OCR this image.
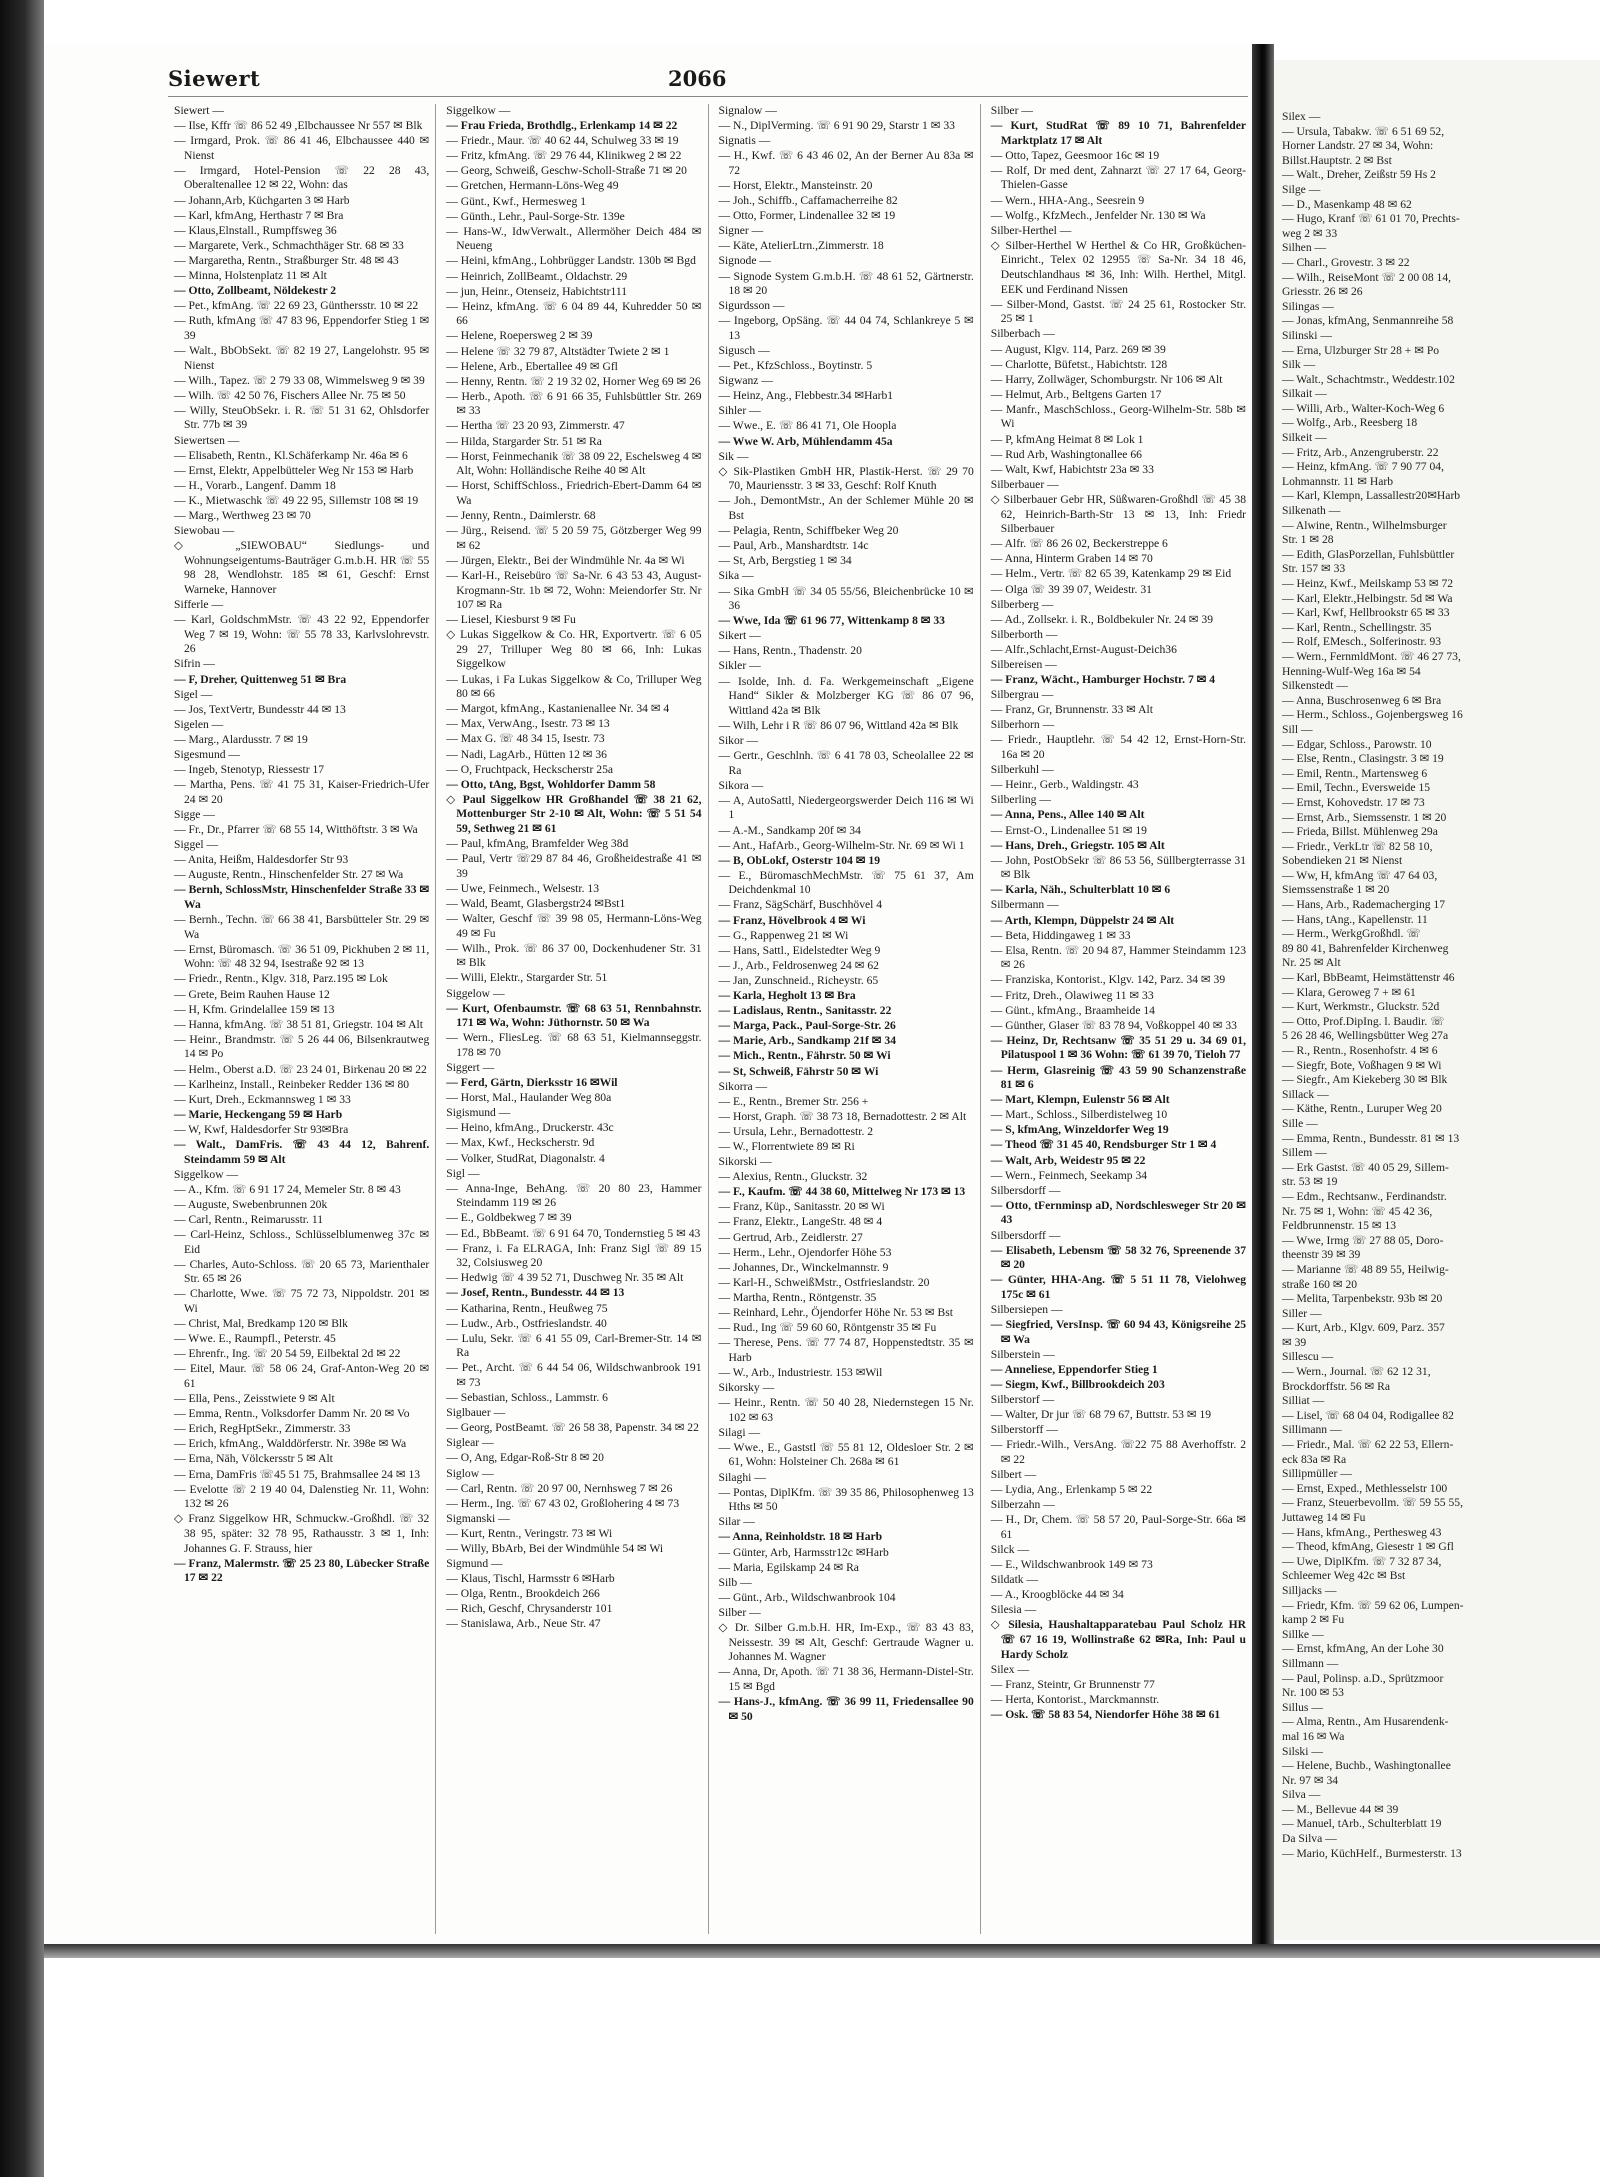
Silex —
— Ursula, Tabakw. ☏ 6 51 69 52,
Horner Landstr. 27 ✉ 34, Wohn:
Billst.Hauptstr. 2 ✉ Bst
— Walt., Dreher, Zeißstr 59 Hs 2
Silge —
— D., Masenkamp 48 ✉ 62
— Hugo, Kranf ☏ 61 01 70, Prechts-
weg 2 ✉ 33
Silhen —
— Charl., Grovestr. 3 ✉ 22
— Wilh., ReiseMont ☏ 2 00 08 14,
Griesstr. 26 ✉ 26
Silingas —
— Jonas, kfmAng, Senmannreihe 58
Silinski —
— Erna, Ulzburger Str 28 + ✉ Po
Silk —
— Walt., Schachtmstr., Weddestr.102
Silkait —
— Willi, Arb., Walter-Koch-Weg 6
— Wolfg., Arb., Reesberg 18
Silkeit —
— Fritz, Arb., Anzengruberstr. 22
— Heinz, kfmAng. ☏ 7 90 77 04,
Lohmannstr. 11 ✉ Harb
— Karl, Klempn, Lassallestr20✉Harb
Silkenath —
— Alwine, Rentn., Wilhelmsburger
Str. 1 ✉ 28
— Edith, GlasPorzellan, Fuhlsbüttler
Str. 157 ✉ 33
— Heinz, Kwf., Meilskamp 53 ✉ 72
— Karl, Elektr.,Helbingstr. 5d ✉ Wa
— Karl, Kwf, Hellbrookstr 65 ✉ 33
— Karl, Rentn., Schellingstr. 35
— Rolf, EMesch., Solferinostr. 93
— Wern., FernmldMont. ☏ 46 27 73,
Henning-Wulf-Weg 16a ✉ 54
Silkenstedt —
— Anna, Buschrosenweg 6 ✉ Bra
— Herm., Schloss., Gojenbergsweg 16
Sill —
— Edgar, Schloss., Parowstr. 10
— Else, Rentn., Clasingstr. 3 ✉ 19
— Emil, Rentn., Martensweg 6
— Emil, Techn., Eversweide 15
— Ernst, Kohovedstr. 17 ✉ 73
— Ernst, Arb., Siemssenstr. 1 ✉ 20
— Frieda, Billst. Mühlenweg 29a
— Friedr., VerkLtr ☏ 82 58 10,
Sobendieken 21 ✉ Nienst
— Ww, H, kfmAng ☏ 47 64 03,
Siemssenstraße 1 ✉ 20
— Hans, Arb., Rademacherging 17
— Hans, tAng., Kapellenstr. 11
— Herm., WerkgGroßhdl. ☏
89 80 41, Bahrenfelder Kirchenweg
Nr. 25 ✉ Alt
— Karl, BbBeamt, Heimstättenstr 46
— Klara, Geroweg 7 + ✉ 61
— Kurt, Werkmstr., Gluckstr. 52d
— Otto, Prof.DipIng. l. Baudir. ☏
5 26 28 46, Wellingsbütter Weg 27a
— R., Rentn., Rosenhofstr. 4 ✉ 6
— Siegfr, Bote, Voßhagen 9 ✉ Wi
— Siegfr., Am Kiekeberg 30 ✉ Blk
Sillack —
— Käthe, Rentn., Luruper Weg 20
Sille —
— Emma, Rentn., Bundesstr. 81 ✉ 13
Sillem —
— Erk Gastst. ☏ 40 05 29, Sillem-
str. 53 ✉ 19
— Edm., Rechtsanw., Ferdinandstr.
Nr. 75 ✉ 1, Wohn: ☏ 45 42 36,
Feldbrunnenstr. 15 ✉ 13
— Wwe, Irmg ☏ 27 88 05, Doro-
theenstr 39 ✉ 39
— Marianne ☏ 48 89 55, Heilwig-
straße 160 ✉ 20
— Melita, Tarpenbekstr. 93b ✉ 20
Siller —
— Kurt, Arb., Klgv. 609, Parz. 357
✉ 39
Sillescu —
— Wern., Journal. ☏ 62 12 31,
Brockdorffstr. 56 ✉ Ra
Silliat —
— Lisel, ☏ 68 04 04, Rodigallee 82
Sillimann —
— Friedr., Mal. ☏ 62 22 53, Ellern-
eck 83a ✉ Ra
Sillipmüller —
— Ernst, Exped., Methlesselstr 100
— Franz, Steuerbevollm. ☏ 59 55 55,
Juttaweg 14 ✉ Fu
— Hans, kfmAng., Perthesweg 43
— Theod, kfmAng, Giesestr 1 ✉ Gfl
— Uwe, DiplKfm. ☏ 7 32 87 34,
Schleemer Weg 42c ✉ Bst
Silljacks —
— Friedr, Kfm. ☏ 59 62 06, Lumpen-
kamp 2 ✉ Fu
Sillke —
— Ernst, kfmAng, An der Lohe 30
Sillmann —
— Paul, Polinsp. a.D., Sprützmoor
Nr. 100 ✉ 53
Sillus —
— Alma, Rentn., Am Husarendenk-
mal 16 ✉ Wa
Silski —
— Helene, Buchb., Washingtonallee
Nr. 97 ✉ 34
Silva —
— M., Bellevue 44 ✉ 39
— Manuel, tArb., Schulterblatt 19
Da Silva —
— Mario, KüchHelf., Burmesterstr. 13
Siewert	2066
Siewert —
— Ilse, Kffr ☏ 86 52 49 ,Elbchaussee Nr 557 ✉ Blk
— Irmgard, Prok. ☏ 86 41 46, Elbchaussee 440 ✉ Nienst
— Irmgard, Hotel-Pension ☏ 22 28 43, Oberaltenallee 12 ✉ 22, Wohn: das
— Johann,Arb, Küchgarten 3 ✉ Harb
— Karl, kfmAng, Herthastr 7 ✉ Bra
— Klaus,Elnstall., Rumpffsweg 36
— Margarete, Verk., Schmachthäger Str. 68 ✉ 33
— Margaretha, Rentn., Straßburger Str. 48 ✉ 43
— Minna, Holstenplatz 11 ✉ Alt
— Otto, Zollbeamt, Nöldekestr 2
— Pet., kfmAng. ☏ 22 69 23, Günthersstr. 10 ✉ 22
— Ruth, kfmAng ☏ 47 83 96, Eppendorfer Stieg 1 ✉ 39
— Walt., BbObSekt. ☏ 82 19 27, Langelohstr. 95 ✉ Nienst
— Wilh., Tapez. ☏ 2 79 33 08, Wimmelsweg 9 ✉ 39
— Wilh. ☏ 42 50 76, Fischers Allee Nr. 75 ✉ 50
— Willy, SteuObSekr. i. R. ☏ 51 31 62, Ohlsdorfer Str. 77b ✉ 39
Siewertsen —
— Elisabeth, Rentn., Kl.Schäferkamp Nr. 46a ✉ 6
— Ernst, Elektr, Appelbütteler Weg Nr 153 ✉ Harb
— H., Vorarb., Langenf. Damm 18
— K., Mietwaschk ☏ 49 22 95, Sillemstr 108 ✉ 19
— Marg., Werthweg 23 ✉ 70
Siewobau —
◇ „SIEWOBAU“ Siedlungs- und Wohnungseigentums-Bauträger G.m.b.H. HR ☏ 55 98 28, Wendlohstr. 185 ✉ 61, Geschf: Ernst Warneke, Hannover
Sifferle —
— Karl, GoldschmMstr. ☏ 43 22 92, Eppendorfer Weg 7 ✉ 19, Wohn: ☏ 55 78 33, Karlvslohrevstr. 26
Sifrin —
— F, Dreher, Quittenweg 51 ✉ Bra
Sigel —
— Jos, TextVertr, Bundesstr 44 ✉ 13
Sigelen —
— Marg., Alardusstr. 7 ✉ 19
Sigesmund —
— Ingeb, Stenotyp, Riessestr 17
— Martha, Pens. ☏ 41 75 31, Kaiser-Friedrich-Ufer 24 ✉ 20
Sigge —
— Fr., Dr., Pfarrer ☏ 68 55 14, Witthöftstr. 3 ✉ Wa
Siggel —
— Anita, Heißm, Haldesdorfer Str 93
— Auguste, Rentn., Hinschenfelder Str. 27 ✉ Wa
— Bernh, SchlossMstr, Hinschenfelder Straße 33 ✉ Wa
— Bernh., Techn. ☏ 66 38 41, Barsbütteler Str. 29 ✉ Wa
— Ernst, Büromasch. ☏ 36 51 09, Pickhuben 2 ✉ 11, Wohn: ☏ 48 32 94, Isestraße 92 ✉ 13
— Friedr., Rentn., Klgv. 318, Parz.195 ✉ Lok
— Grete, Beim Rauhen Hause 12
— H, Kfm. Grindelallee 159 ✉ 13
— Hanna, kfmAng. ☏ 38 51 81, Griegstr. 104 ✉ Alt
— Heinr., Brandmstr. ☏ 5 26 44 06, Bilsenkrautweg 14 ✉ Po
— Helm., Oberst a.D. ☏ 23 24 01, Birkenau 20 ✉ 22
— Karlheinz, Install., Reinbeker Redder 136 ✉ 80
— Kurt, Dreh., Eckmannsweg 1 ✉ 33
— Marie, Heckengang 59 ✉ Harb
— W, Kwf, Haldesdorfer Str 93✉Bra
— Walt., DamFris. ☏ 43 44 12, Bahrenf. Steindamm 59 ✉ Alt
Siggelkow —
— A., Kfm. ☏ 6 91 17 24, Memeler Str. 8 ✉ 43
— Auguste, Swebenbrunnen 20k
— Carl, Rentn., Reimarusstr. 11
— Carl-Heinz, Schloss., Schlüsselblumenweg 37c ✉ Eid
— Charles, Auto-Schloss. ☏ 20 65 73, Marienthaler Str. 65 ✉ 26
— Charlotte, Wwe. ☏ 75 72 73, Nippoldstr. 201 ✉ Wi
— Christ, Mal, Bredkamp 120 ✉ Blk
— Wwe. E., Raumpfl., Peterstr. 45
— Ehrenfr., Ing. ☏ 20 54 59, Eilbektal 2d ✉ 22
— Eitel, Maur. ☏ 58 06 24, Graf-Anton-Weg 20 ✉ 61
— Ella, Pens., Zeisstwiete 9 ✉ Alt
— Emma, Rentn., Volksdorfer Damm Nr. 20 ✉ Vo
— Erich, RegHptSekr., Zimmerstr. 33
— Erich, kfmAng., Walddörferstr. Nr. 398e ✉ Wa
— Erna, Näh, Völckersstr 5 ✉ Alt
— Erna, DamFris ☏45 51 75, Brahmsallee 24 ✉ 13
— Evelotte ☏ 2 19 40 04, Dalenstieg Nr. 11, Wohn: 132 ✉ 26
◇ Franz Siggelkow HR, Schmuckw.-Großhdl. ☏ 32 38 95, später: 32 78 95, Rathausstr. 3 ✉ 1, Inh: Johannes G. F. Strauss, hier
— Franz, Malermstr. ☏ 25 23 80, Lübecker Straße 17 ✉ 22
Siggelkow —
— Frau Frieda, Brothdlg., Erlenkamp 14 ✉ 22
— Friedr., Maur. ☏ 40 62 44, Schulweg 33 ✉ 19
— Fritz, kfmAng. ☏ 29 76 44, Klinikweg 2 ✉ 22
— Georg, Schweiß, Geschw-Scholl-Straße 71 ✉ 20
— Gretchen, Hermann-Löns-Weg 49
— Günt., Kwf., Hermesweg 1
— Günth., Lehr., Paul-Sorge-Str. 139e
— Hans-W., IdwVerwalt., Allermöher Deich 484 ✉ Neueng
— Heini, kfmAng., Lohbrügger Landstr. 130b ✉ Bgd
— Heinrich, ZollBeamt., Oldachstr. 29
— jun, Heinr., Otenseiz, Habichtstr111
— Heinz, kfmAng. ☏ 6 04 89 44, Kuhredder 50 ✉ 66
— Helene, Roepersweg 2 ✉ 39
— Helene ☏ 32 79 87, Altstädter Twiete 2 ✉ 1
— Helene, Arb., Ebertallee 49 ✉ Gfl
— Henny, Rentn. ☏ 2 19 32 02, Horner Weg 69 ✉ 26
— Herb., Apoth. ☏ 6 91 66 35, Fuhlsbüttler Str. 269 ✉ 33
— Hertha ☏ 23 20 93, Zimmerstr. 47
— Hilda, Stargarder Str. 51 ✉ Ra
— Horst, Feinmechanik ☏ 38 09 22, Eschelsweg 4 ✉ Alt, Wohn: Holländische Reihe 40 ✉ Alt
— Horst, SchiffSchloss., Friedrich-Ebert-Damm 64 ✉ Wa
— Jenny, Rentn., Daimlerstr. 68
— Jürg., Reisend. ☏ 5 20 59 75, Götzberger Weg 99 ✉ 62
— Jürgen, Elektr., Bei der Windmühle Nr. 4a ✉ Wi
— Karl-H., Reisebüro ☏ Sa-Nr. 6 43 53 43, August-Krogmann-Str. 1b ✉ 72, Wohn: Meiendorfer Str. Nr 107 ✉ Ra
— Liesel, Kiesburst 9 ✉ Fu
◇ Lukas Siggelkow & Co. HR, Exportvertr. ☏ 6 05 29 27, Trilluper Weg 80 ✉ 66, Inh: Lukas Siggelkow
— Lukas, i Fa Lukas Siggelkow & Co, Trilluper Weg 80 ✉ 66
— Margot, kfmAng., Kastanienallee Nr. 34 ✉ 4
— Max, VerwAng., Isestr. 73 ✉ 13
— Max G. ☏ 48 34 15, Isestr. 73
— Nadi, LagArb., Hütten 12 ✉ 36
— O, Fruchtpack, Heckscherstr 25a
— Otto, tAng, Bgst, Wohldorfer Damm 58
◇ Paul Siggelkow HR Großhandel ☏ 38 21 62, Mottenburger Str 2-10 ✉ Alt, Wohn: ☏ 5 51 54 59, Sethweg 21 ✉ 61
— Paul, kfmAng, Bramfelder Weg 38d
— Paul, Vertr ☏29 87 84 46, Großheidestraße 41 ✉ 39
— Uwe, Feinmech., Welsestr. 13
— Wald, Beamt, Glasbergstr24 ✉Bst1
— Walter, Geschf ☏ 39 98 05, Hermann-Löns-Weg 49 ✉ Fu
— Wilh., Prok. ☏ 86 37 00, Dockenhudener Str. 31 ✉ Blk
— Willi, Elektr., Stargarder Str. 51
Siggelow —
— Kurt, Ofenbaumstr. ☏ 68 63 51, Rennbahnstr. 171 ✉ Wa, Wohn: Jüthornstr. 50 ✉ Wa
— Wern., FliesLeg. ☏ 68 63 51, Kielmannseggstr. 178 ✉ 70
Siggert —
— Ferd, Gärtn, Dierksstr 16 ✉Wil
— Horst, Mal., Haulander Weg 80a
Sigismund —
— Heino, kfmAng., Druckerstr. 43c
— Max, Kwf., Heckscherstr. 9d
— Volker, StudRat, Diagonalstr. 4
Sigl —
— Anna-Inge, BehAng. ☏ 20 80 23, Hammer Steindamm 119 ✉ 26
— E., Goldbekweg 7 ✉ 39
— Ed., BbBeamt. ☏ 6 91 64 70, Tondernstieg 5 ✉ 43
— Franz, i. Fa ELRAGA, Inh: Franz Sigl ☏ 89 15 32, Colsiusweg 20
— Hedwig ☏ 4 39 52 71, Duschweg Nr. 35 ✉ Alt
— Josef, Rentn., Bundesstr. 44 ✉ 13
— Katharina, Rentn., Heußweg 75
— Ludw., Arb., Ostfrieslandstr. 40
— Lulu, Sekr. ☏ 6 41 55 09, Carl-Bremer-Str. 14 ✉ Ra
— Pet., Archt. ☏ 6 44 54 06, Wildschwanbrook 191 ✉ 73
— Sebastian, Schloss., Lammstr. 6
Siglbauer —
— Georg, PostBeamt. ☏ 26 58 38, Papenstr. 34 ✉ 22
Siglear —
— O, Ang, Edgar-Roß-Str 8 ✉ 20
Siglow —
— Carl, Rentn. ☏ 20 97 00, Nernhsweg 7 ✉ 26
— Herm., Ing. ☏ 67 43 02, Großlohering 4 ✉ 73
Sigmanski —
— Kurt, Rentn., Veringstr. 73 ✉ Wi
— Willy, BbArb, Bei der Windmühle 54 ✉ Wi
Sigmund —
— Klaus, Tischl, Harmsstr 6 ✉Harb
— Olga, Rentn., Brookdeich 266
— Rich, Geschf, Chrysanderstr 101
— Stanislawa, Arb., Neue Str. 47
Signalow —
— N., DiplVerming. ☏ 6 91 90 29, Starstr 1 ✉ 33
Signatis —
— H., Kwf. ☏ 6 43 46 02, An der Berner Au 83a ✉ 72
— Horst, Elektr., Mansteinstr. 20
— Joh., Schiffb., Caffamacherreihe 82
— Otto, Former, Lindenallee 32 ✉ 19
Signer —
— Käte, AtelierLtrn.,Zimmerstr. 18
Signode —
— Signode System G.m.b.H. ☏ 48 61 52, Gärtnerstr. 18 ✉ 20
Sigurdsson —
— Ingeborg, OpSäng. ☏ 44 04 74, Schlankreye 5 ✉ 13
Sigusch —
— Pet., KfzSchloss., Boytinstr. 5
Sigwanz —
— Heinz, Ang., Flebbestr.34 ✉Harb1
Sihler —
— Wwe., E. ☏ 86 41 71, Ole Hoopla
— Wwe W. Arb, Mühlendamm 45a
Sik —
◇ Sik-Plastiken GmbH HR, Plastik-Herst. ☏ 29 70 70, Mauriensstr. 3 ✉ 33, Geschf: Rolf Knuth
— Joh., DemontMstr., An der Schlemer Mühle 20 ✉ Bst
— Pelagia, Rentn, Schiffbeker Weg 20
— Paul, Arb., Manshardtstr. 14c
— St, Arb, Bergstieg 1 ✉ 34
Sika —
— Sika GmbH ☏ 34 05 55/56, Bleichenbrücke 10 ✉ 36
— Wwe, Ida ☏ 61 96 77, Wittenkamp 8 ✉ 33
Sikert —
— Hans, Rentn., Thadenstr. 20
Sikler —
— Isolde, Inh. d. Fa. Werkgemeinschaft „Eigene Hand“ Sikler & Molzberger KG ☏ 86 07 96, Wittland 42a ✉ Blk
— Wilh, Lehr i R ☏ 86 07 96, Wittland 42a ✉ Blk
Sikor —
— Gertr., Geschlnh. ☏ 6 41 78 03, Scheolallee 22 ✉ Ra
Sikora —
— A, AutoSattl, Niedergeorgswerder Deich 116 ✉ Wi 1
— A.-M., Sandkamp 20f ✉ 34
— Ant., HafArb., Georg-Wilhelm-Str. Nr. 69 ✉ Wi 1
— B, ObLokf, Osterstr 104 ✉ 19
— E., BüromaschMechMstr. ☏ 75 61 37, Am Deichdenkmal 10
— Franz, SägSchärf, Buschhövel 4
— Franz, Hövelbrook 4 ✉ Wi
— G., Rappenweg 21 ✉ Wi
— Hans, Sattl., Eidelstedter Weg 9
— J., Arb., Feldrosenweg 24 ✉ 62
— Jan, Zunschneid., Richeystr. 65
— Karla, Hegholt 13 ✉ Bra
— Ladislaus, Rentn., Sanitasstr. 22
— Marga, Pack., Paul-Sorge-Str. 26
— Marie, Arb., Sandkamp 21f ✉ 34
— Mich., Rentn., Fährstr. 50 ✉ Wi
— St, Schweiß, Fährstr 50 ✉ Wi
Sikorra —
— E., Rentn., Bremer Str. 256 +
— Horst, Graph. ☏ 38 73 18, Bernadottestr. 2 ✉ Alt
— Ursula, Lehr., Bernadottestr. 2
— W., Florrentwiete 89 ✉ Ri
Sikorski —
— Alexius, Rentn., Gluckstr. 32
— F., Kaufm. ☏ 44 38 60, Mittelweg Nr 173 ✉ 13
— Franz, Küp., Sanitasstr. 20 ✉ Wi
— Franz, Elektr., LangeStr. 48 ✉ 4
— Gertrud, Arb., Zeidlerstr. 27
— Herm., Lehr., Ojendorfer Höhe 53
— Johannes, Dr., Winckelmannstr. 9
— Karl-H., SchweißMstr., Ostfrieslandstr. 20
— Martha, Rentn., Röntgenstr. 35
— Reinhard, Lehr., Öjendorfer Höhe Nr. 53 ✉ Bst
— Rud., Ing ☏ 59 60 60, Röntgenstr 35 ✉ Fu
— Therese, Pens. ☏ 77 74 87, Hoppenstedtstr. 35 ✉ Harb
— W., Arb., Industriestr. 153 ✉Wil
Sikorsky —
— Heinr., Rentn. ☏ 50 40 28, Niedernstegen 15 Nr. 102 ✉ 63
Silagi —
— Wwe., E., Gaststl ☏ 55 81 12, Oldesloer Str. 2 ✉ 61, Wohn: Holsteiner Ch. 268a ✉ 61
Silaghi —
— Pontas, DiplKfm. ☏ 39 35 86, Philosophenweg 13 Hths ✉ 50
Silar —
— Anna, Reinholdstr. 18 ✉ Harb
— Günter, Arb, Harmsstr12c ✉Harb
— Maria, Egilskamp 24 ✉ Ra
Silb —
— Günt., Arb., Wildschwanbrook 104
Silber —
◇ Dr. Silber G.m.b.H. HR, Im-Exp., ☏ 83 43 83, Neissestr. 39 ✉ Alt, Geschf: Gertraude Wagner u. Johannes M. Wagner
— Anna, Dr, Apoth. ☏ 71 38 36, Hermann-Distel-Str. 15 ✉ Bgd
— Hans-J., kfmAng. ☏ 36 99 11, Friedensallee 90 ✉ 50
Silber —
— Kurt, StudRat ☏ 89 10 71, Bahrenfelder Marktplatz 17 ✉ Alt
— Otto, Tapez, Geesmoor 16c ✉ 19
— Rolf, Dr med dent, Zahnarzt ☏ 27 17 64, Georg-Thielen-Gasse
— Wern., HHA-Ang., Seesrein 9
— Wolfg., KfzMech., Jenfelder Nr. 130 ✉ Wa
Silber-Herthel —
◇ Silber-Herthel W Herthel & Co HR, Großküchen-Einricht., Telex 02 12955 ☏ Sa-Nr. 34 18 46, Deutschlandhaus ✉ 36, Inh: Wilh. Herthel, Mitgl. EEK und Ferdinand Nissen
— Silber-Mond, Gastst. ☏ 24 25 61, Rostocker Str. 25 ✉ 1
Silberbach —
— August, Klgv. 114, Parz. 269 ✉ 39
— Charlotte, Büfetst., Habichtstr. 128
— Harry, Zollwäger, Schomburgstr. Nr 106 ✉ Alt
— Helmut, Arb., Beltgens Garten 17
— Manfr., MaschSchloss., Georg-Wilhelm-Str. 58b ✉ Wi
— P, kfmAng Heimat 8 ✉ Lok 1
— Rud Arb, Washingtonallee 66
— Walt, Kwf, Habichtstr 23a ✉ 33
Silberbauer —
◇ Silberbauer Gebr HR, Süßwaren-Großhdl ☏ 45 38 62, Heinrich-Barth-Str 13 ✉ 13, Inh: Friedr Silberbauer
— Alfr. ☏ 86 26 02, Beckerstreppe 6
— Anna, Hinterm Graben 14 ✉ 70
— Helm., Vertr. ☏ 82 65 39, Katenkamp 29 ✉ Eid
— Olga ☏ 39 39 07, Weidestr. 31
Silberberg —
— Ad., Zollsekr. i. R., Boldbekuler Nr. 24 ✉ 39
Silberborth —
— Alfr.,Schlacht,Ernst-August-Deich36
Silbereisen —
— Franz, Wächt., Hamburger Hochstr. 7 ✉ 4
Silbergrau —
— Franz, Gr, Brunnenstr. 33 ✉ Alt
Silberhorn —
— Friedr., Hauptlehr. ☏ 54 42 12, Ernst-Horn-Str. 16a ✉ 20
Silberkuhl —
— Heinr., Gerb., Waldingstr. 43
Silberling —
— Anna, Pens., Allee 140 ✉ Alt
— Ernst-O., Lindenallee 51 ✉ 19
— Hans, Dreh., Griegstr. 105 ✉ Alt
— John, PostObSekr ☏ 86 53 56, Süllbergterrasse 31 ✉ Blk
— Karla, Näh., Schulterblatt 10 ✉ 6
Silbermann —
— Arth, Klempn, Düppelstr 24 ✉ Alt
— Beta, Hiddingaweg 1 ✉ 33
— Elsa, Rentn. ☏ 20 94 87, Hammer Steindamm 123 ✉ 26
— Franziska, Kontorist., Klgv. 142, Parz. 34 ✉ 39
— Fritz, Dreh., Olawiweg 11 ✉ 33
— Günt., kfmAng., Braamheide 14
— Günther, Glaser ☏ 83 78 94, Voßkoppel 40 ✉ 33
— Heinz, Dr, Rechtsanw ☏ 35 51 29 u. 34 69 01, Pilatuspool 1 ✉ 36 Wohn: ☏ 61 39 70, Tieloh 77
— Herm, Glasreinig ☏ 43 59 90 Schanzenstraße 81 ✉ 6
— Mart, Klempn, Eulenstr 56 ✉ Alt
— Mart., Schloss., Silberdistelweg 10
— S, kfmAng, Winzeldorfer Weg 19
— Theod ☏ 31 45 40, Rendsburger Str 1 ✉ 4
— Walt, Arb, Weidestr 95 ✉ 22
— Wern., Feinmech, Seekamp 34
Silbersdorff —
— Otto, tFernminsp aD, Nordschlesweger Str 20 ✉ 43
Silbersdorff —
— Elisabeth, Lebensm ☏ 58 32 76, Spreenende 37 ✉ 20
— Günter, HHA-Ang. ☏ 5 51 11 78, Vielohweg 175c ✉ 61
Silbersiepen —
— Siegfried, VersInsp. ☏ 60 94 43, Königsreihe 25 ✉ Wa
Silberstein —
— Anneliese, Eppendorfer Stieg 1
— Siegm, Kwf., Billbrookdeich 203
Silberstorf —
— Walter, Dr jur ☏ 68 79 67, Buttstr. 53 ✉ 19
Silberstorff —
— Friedr.-Wilh., VersAng. ☏22 75 88 Averhoffstr. 2 ✉ 22
Silbert —
— Lydia, Ang., Erlenkamp 5 ✉ 22
Silberzahn —
— H., Dr, Chem. ☏ 58 57 20, Paul-Sorge-Str. 66a ✉ 61
Silck —
— E., Wildschwanbrook 149 ✉ 73
Sildatk —
— A., Kroogblöcke 44 ✉ 34
Silesia —
◇ Silesia, Haushaltapparatebau Paul Scholz HR ☏ 67 16 19, Wollinstraße 62 ✉Ra, Inh: Paul u Hardy Scholz
Silex —
— Franz, Steintr, Gr Brunnenstr 77
— Herta, Kontorist., Marckmannstr.
— Osk. ☏ 58 83 54, Niendorfer Höhe 38 ✉ 61
